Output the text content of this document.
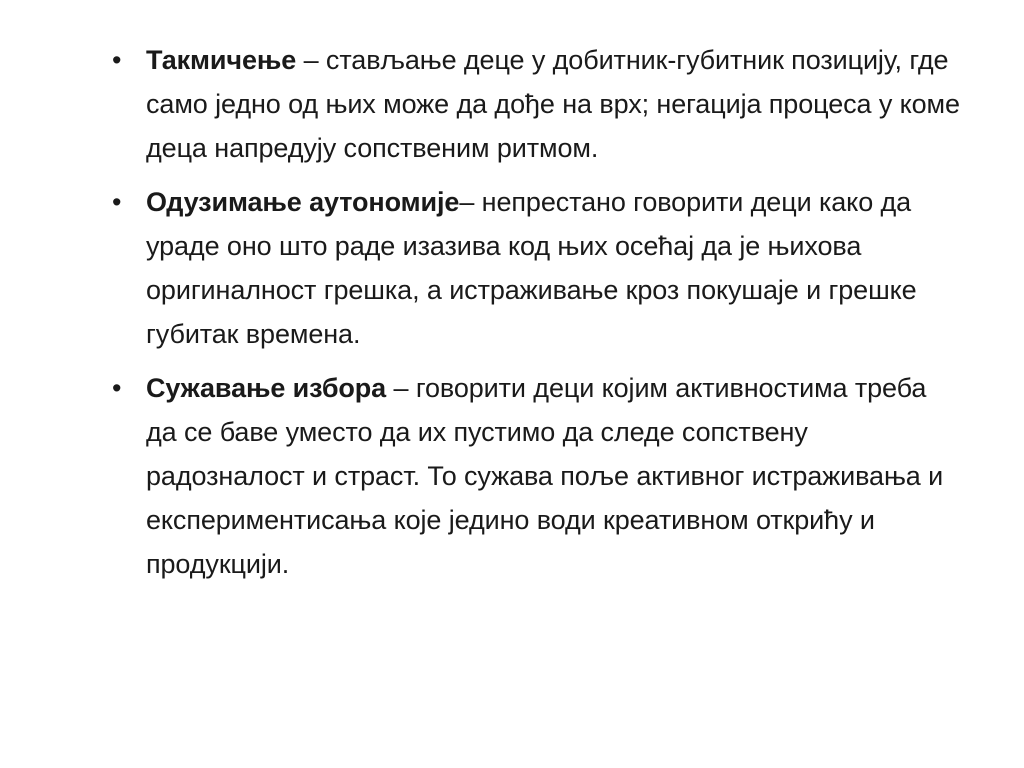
• Такмичење – стављање деце у добитник-губитник позицију, где само једно од њих може да дође на врх; негација процеса у коме деца напредују сопственим ритмом.
• Одузимање аутономије– непрестано говорити деци како да ураде оно што раде изазива код њих осећај да је њихова оригиналност грешка, а истраживање кроз покушаје и грешке губитак времена.
• Сужавање избора – говорити деци којим активностима треба да се баве уместо да их пустимо да следе сопствену радозналост и страст. То сужава поље активног истраживања и експериментисања које једино води креативном открићу и продукцији.
